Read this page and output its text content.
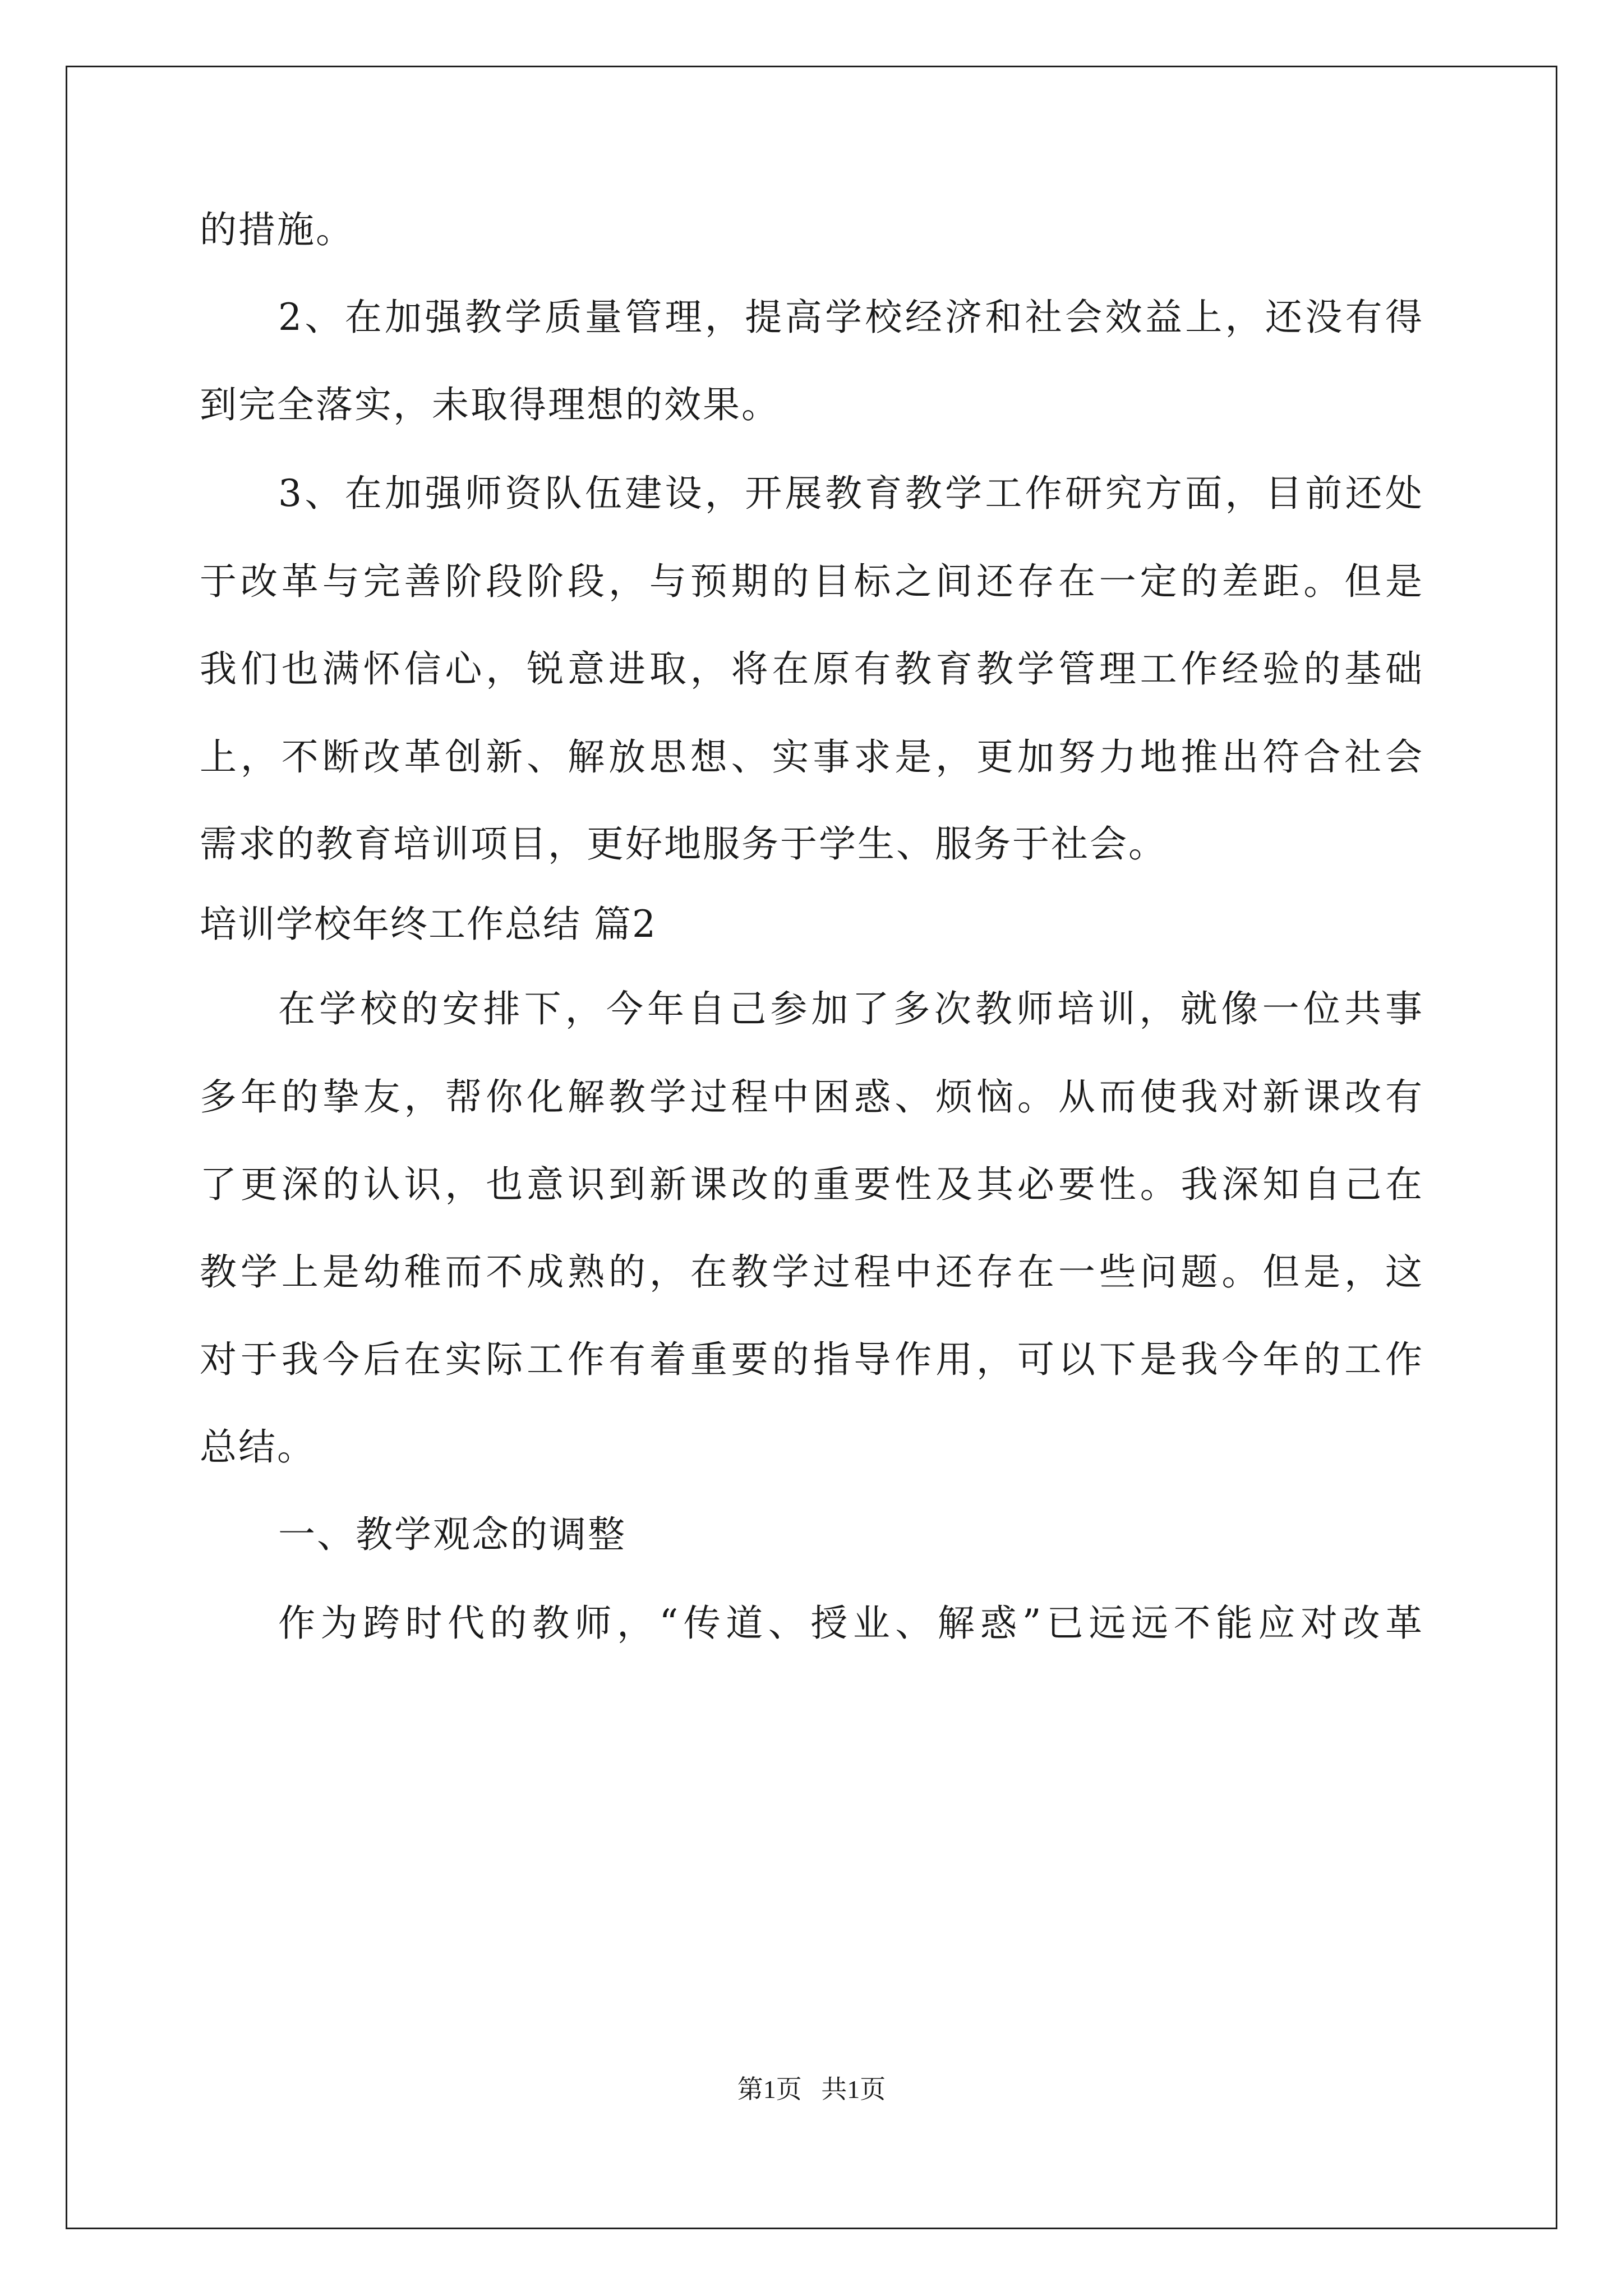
的措施。
2、在加强教学质量管理，提高学校经济和社会效益上，还没有得
到完全落实，未取得理想的效果。
3、在加强师资队伍建设，开展教育教学工作研究方面，目前还处
于改革与完善阶段阶段，与预期的目标之间还存在一定的差距。但是
我们也满怀信心，锐意进取，将在原有教育教学管理工作经验的基础
上，不断改革创新、解放思想、实事求是，更加努力地推出符合社会
需求的教育培训项目，更好地服务于学生、服务于社会。
培训学校年终工作总结 篇2
在学校的安排下，今年自己参加了多次教师培训，就像一位共事
多年的挚友，帮你化解教学过程中困惑、烦恼。从而使我对新课改有
了更深的认识，也意识到新课改的重要性及其必要性。我深知自己在
教学上是幼稚而不成熟的，在教学过程中还存在一些问题。但是，这
对于我今后在实际工作有着重要的指导作用，可以下是我今年的工作
总结。
一、教学观念的调整
作为跨时代的教师，“传道、授业、解惑”已远远不能应对改革
第1页 共1页
